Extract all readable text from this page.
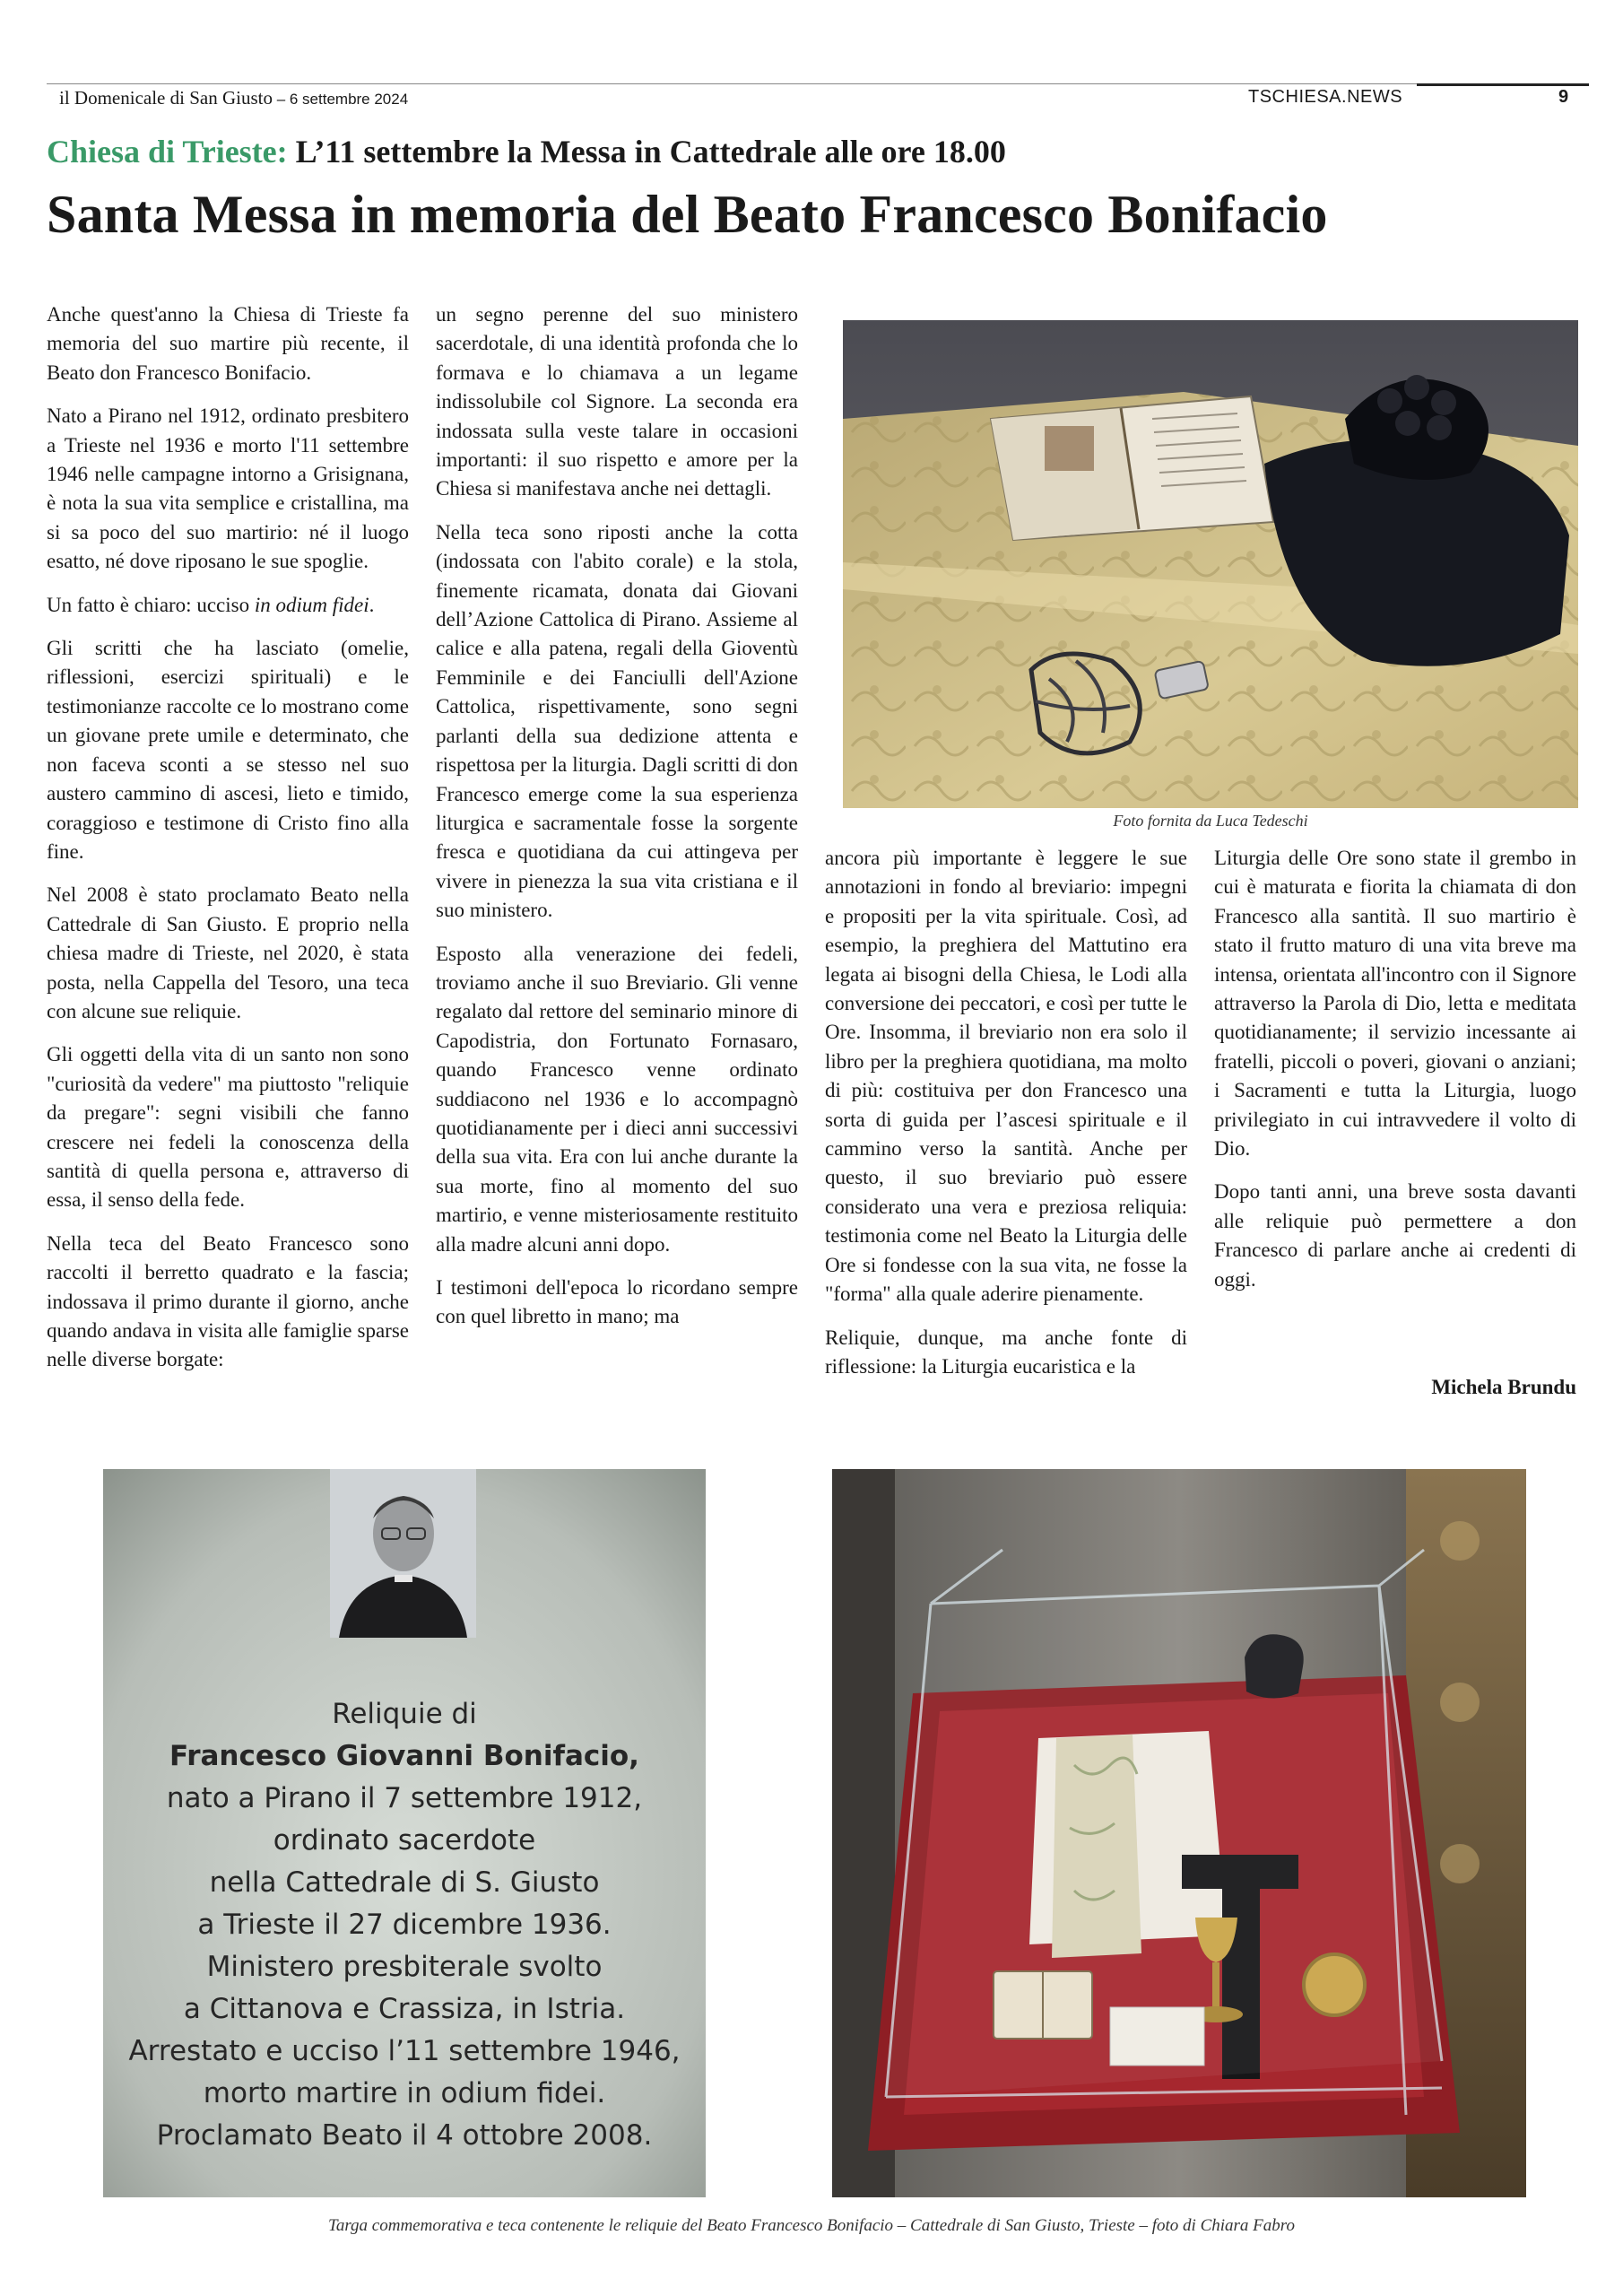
il Domenicale di San Giusto – 6 settembre 2024	TSCHIESA.NEWS	9
Chiesa di Trieste: L’11 settembre la Messa in Cattedrale alle ore 18.00
Santa Messa in memoria del Beato Francesco Bonifacio

Anche quest'anno la Chiesa di Trieste fa memoria del suo martire più recente, il Beato don Francesco Bonifacio.

Nato a Pirano nel 1912, ordinato presbitero a Trieste nel 1936 e morto l'11 settembre 1946 nelle campagne intorno a Grisignana, è nota la sua vita semplice e cristallina, ma si sa poco del suo martirio: né il luogo esatto, né dove riposano le sue spoglie.

Un fatto è chiaro: ucciso in odium fidei.

Gli scritti che ha lasciato (omelie, riflessioni, esercizi spirituali) e le testimonianze raccolte ce lo mostrano come un giovane prete umile e determinato, che non faceva sconti a se stesso nel suo austero cammino di ascesi, lieto e timido, coraggioso e testimone di Cristo fino alla fine.

Nel 2008 è stato proclamato Beato nella Cattedrale di San Giusto. E proprio nella chiesa madre di Trieste, nel 2020, è stata posta, nella Cappella del Tesoro, una teca con alcune sue reliquie.

Gli oggetti della vita di un santo non sono "curiosità da vedere" ma piuttosto "reliquie da pregare": segni visibili che fanno crescere nei fedeli la conoscenza della santità di quella persona e, attraverso di essa, il senso della fede.

Nella teca del Beato Francesco sono raccolti il berretto quadrato e la fascia; indossava il primo durante il giorno, anche quando andava in visita alle famiglie sparse nelle diverse borgate:

un segno perenne del suo ministero sacerdotale, di una identità profonda che lo formava e lo chiamava a un legame indissolubile col Signore. La seconda era indossata sulla veste talare in occasioni importanti: il suo rispetto e amore per la Chiesa si manifestava anche nei dettagli.

Nella teca sono riposti anche la cotta (indossata con l'abito corale) e la stola, finemente ricamata, donata dai Giovani dell’Azione Cattolica di Pirano. Assieme al calice e alla patena, regali della Gioventù Femminile e dei Fanciulli dell'Azione Cattolica, rispettivamente, sono segni parlanti della sua dedizione attenta e rispettosa per la liturgia. Dagli scritti di don Francesco emerge come la sua esperienza liturgica e sacramentale fosse la sorgente fresca e quotidiana da cui attingeva per vivere in pienezza la sua vita cristiana e il suo ministero.

Esposto alla venerazione dei fedeli, troviamo anche il suo Breviario. Gli venne regalato dal rettore del seminario minore di Capodistria, don Fortunato Fornasaro, quando Francesco venne ordinato suddiacono nel 1936 e lo accompagnò quotidianamente per i dieci anni successivi della sua vita. Era con lui anche durante la sua morte, fino al momento del suo martirio, e venne misteriosamente restituito alla madre alcuni anni dopo.

I testimoni dell'epoca lo ricordano sempre con quel libretto in mano; ma

ancora più importante è leggere le sue annotazioni in fondo al breviario: impegni e propositi per la vita spirituale. Così, ad esempio, la preghiera del Mattutino era legata ai bisogni della Chiesa, le Lodi alla conversione dei peccatori, e così per tutte le Ore. Insomma, il breviario non era solo il libro per la preghiera quotidiana, ma molto di più: costituiva per don Francesco una sorta di guida per l’ascesi spirituale e il cammino verso la santità. Anche per questo, il suo breviario può essere considerato una vera e preziosa reliquia: testimonia come nel Beato la Liturgia delle Ore si fondesse con la sua vita, ne fosse la "forma" alla quale aderire pienamente.

Reliquie, dunque, ma anche fonte di riflessione: la Liturgia eucaristica e la

Liturgia delle Ore sono state il grembo in cui è maturata e fiorita la chiamata di don Francesco alla santità. Il suo martirio è stato il frutto maturo di una vita breve ma intensa, orientata all'incontro con il Signore attraverso la Parola di Dio, letta e meditata quotidianamente; il servizio incessante ai fratelli, piccoli o poveri, giovani o anziani; i Sacramenti e tutta la Liturgia, luogo privilegiato in cui intravvedere il volto di Dio.

Dopo tanti anni, una breve sosta davanti alle reliquie può permettere a don Francesco di parlare anche ai credenti di oggi.

Michela Brundu
Foto fornita da Luca Tedeschi
Reliquie di
Francesco Giovanni Bonifacio,
nato a Pirano il 7 settembre 1912,
ordinato sacerdote
nella Cattedrale di S. Giusto
a Trieste il 27 dicembre 1936.
Ministero presbiterale svolto
a Cittanova e Crassiza, in Istria.
Arrestato e ucciso l’11 settembre 1946,
morto martire in odium fidei.
Proclamato Beato il 4 ottobre 2008.
Targa commemorativa e teca contenente le reliquie del Beato Francesco Bonifacio – Cattedrale di San Giusto, Trieste – foto di Chiara Fabro
